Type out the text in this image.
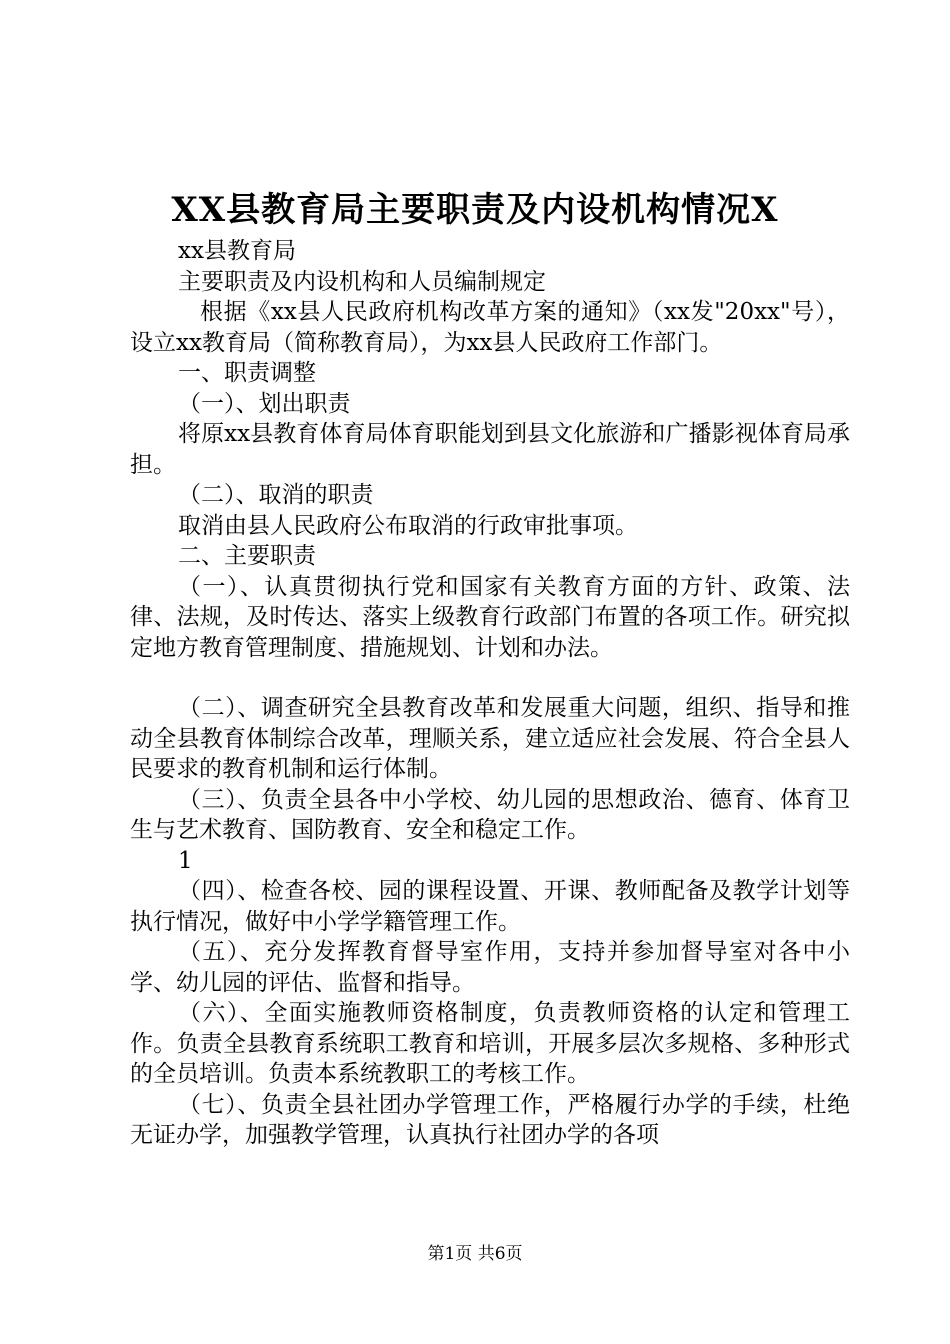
XX县教育局主要职责及内设机构情况X

xx县教育局

主要职责及内设机构和人员编制规定

根据《xx县人民政府机构改革方案的通知》（xx发"20xx"号），设立xx教育局（简称教育局），为xx县人民政府工作部门。

一、职责调整

（一）、划出职责

将原xx县教育体育局体育职能划到县文化旅游和广播影视体育局承担。

（二）、取消的职责

取消由县人民政府公布取消的行政审批事项。

二、主要职责

（一）、认真贯彻执行党和国家有关教育方面的方针、政策、法律、法规，及时传达、落实上级教育行政部门布置的各项工作。研究拟定地方教育管理制度、措施规划、计划和办法。

（二）、调查研究全县教育改革和发展重大问题，组织、指导和推动全县教育体制综合改革，理顺关系，建立适应社会发展、符合全县人民要求的教育机制和运行体制。

（三）、负责全县各中小学校、幼儿园的思想政治、德育、体育卫生与艺术教育、国防教育、安全和稳定工作。

1

（四）、检查各校、园的课程设置、开课、教师配备及教学计划等执行情况，做好中小学学籍管理工作。

（五）、充分发挥教育督导室作用，支持并参加督导室对各中小学、幼儿园的评估、监督和指导。

（六）、全面实施教师资格制度，负责教师资格的认定和管理工作。负责全县教育系统职工教育和培训，开展多层次多规格、多种形式的全员培训。负责本系统教职工的考核工作。

（七）、负责全县社团办学管理工作，严格履行办学的手续，杜绝无证办学，加强教学管理，认真执行社团办学的各项

第1页 共6页
